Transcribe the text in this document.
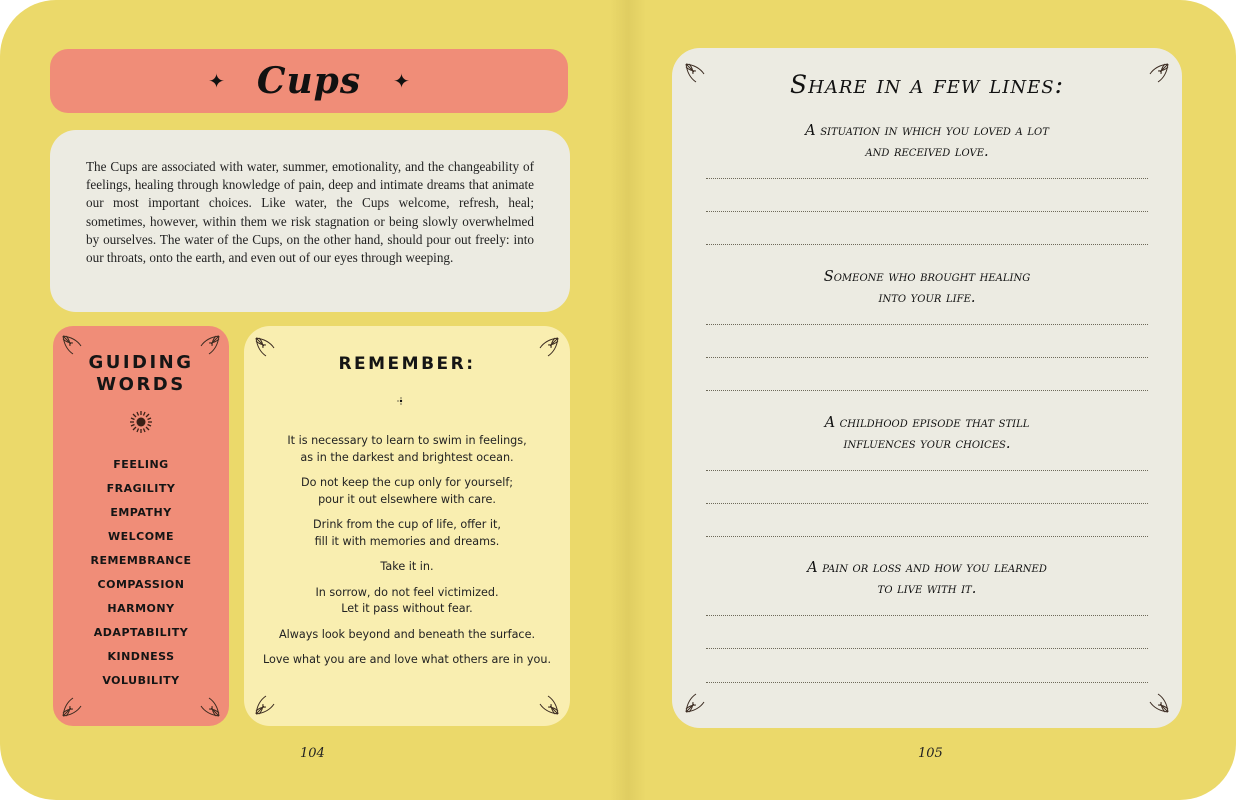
✦ Cups ✦

The Cups are associated with water, summer, emotionality, and the changeability of feelings, healing through knowledge of pain, deep and intimate dreams that animate our most important choices. Like water, the Cups welcome, refresh, heal; sometimes, however, within them we risk stagnation or being slowly overwhelmed by ourselves. The water of the Cups, on the other hand, should pour out freely: into our throats, onto the earth, and even out of our eyes through weeping.

GUIDING
WORDS
FEELING
FRAGILITY
EMPATHY
WELCOME
REMEMBRANCE
COMPASSION
HARMONY
ADAPTABILITY
KINDNESS
VOLUBILITY
REMEMBER:

It is necessary to learn to swim in feelings,
as in the darkest and brightest ocean.

Do not keep the cup only for yourself;
pour it out elsewhere with care.

Drink from the cup of life, offer it,
fill it with memories and dreams.

Take it in.

In sorrow, do not feel victimized.
Let it pass without fear.

Always look beyond and beneath the surface.

Love what you are and love what others are in you.

104
Share in a few lines:
A situation in which you loved a lot
and received love.
Someone who brought healing
into your life.
A childhood episode that still
influences your choices.
A pain or loss and how you learned
to live with it.
105
